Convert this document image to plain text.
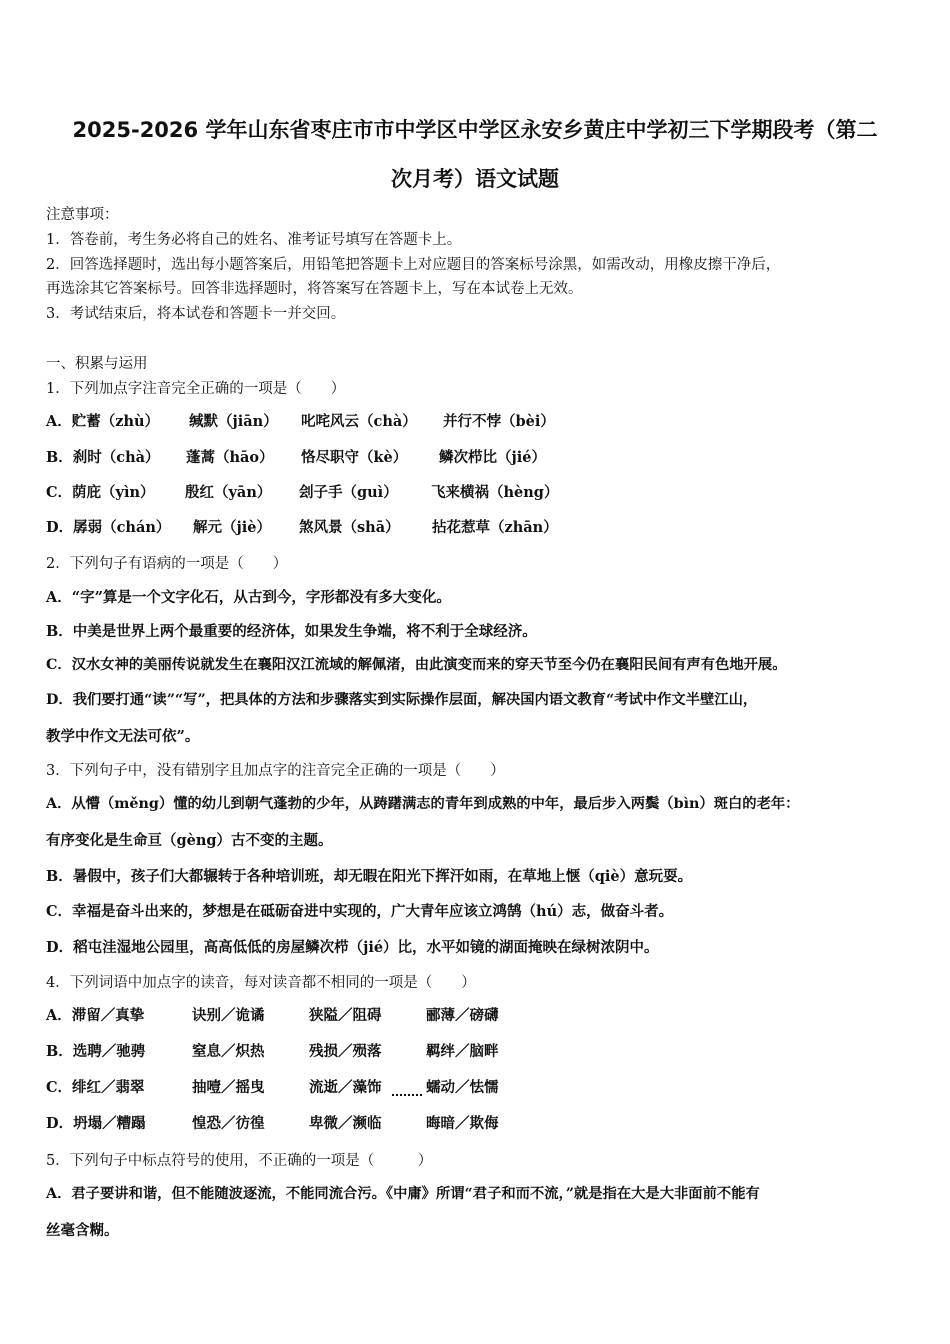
2025-2026 学年山东省枣庄市市中学区中学区永安乡黄庄中学初三下学期段考（第二
次月考）语文试题
注意事项：
1．答卷前，考生务必将自己的姓名、准考证号填写在答题卡上。
2．回答选择题时，选出每小题答案后，用铅笔把答题卡上对应题目的答案标号涂黑，如需改动，用橡皮擦干净后，
再选涂其它答案标号。回答非选择题时，将答案写在答题卡上，写在本试卷上无效。
3．考试结束后，将本试卷和答题卡一并交回。
一、积累与运用
1．下列加点字注音完全正确的一项是（　　）
A．贮蓄（zhù） 缄默（jiān） 叱咤风云（chà） 并行不悖（bèi）
B．刹时（chà） 蓬蒿（hāo） 恪尽职守（kè） 鳞次栉比（jié）
C．荫庇（yìn） 殷红（yān） 刽子手（guì） 飞来横祸（hèng）
D．孱弱（chán） 解元（jiè） 煞风景（shā） 拈花惹草（zhān）
2．下列句子有语病的一项是（　　）
A．“字”算是一个文字化石，从古到今，字形都没有多大变化。
B．中美是世界上两个最重要的经济体，如果发生争端，将不利于全球经济。
C．汉水女神的美丽传说就发生在襄阳汉江流域的解佩渚，由此演变而来的穿天节至今仍在襄阳民间有声有色地开展。
D．我们要打通“读”“写”，把具体的方法和步骤落实到实际操作层面，解决国内语文教育“考试中作文半壁江山，
教学中作文无法可依”。
3．下列句子中，没有错别字且加点字的注音完全正确的一项是（　　）
A．从懵（měng）懂的幼儿到朝气蓬勃的少年，从踌躇满志的青年到成熟的中年，最后步入两鬓（bìn）斑白的老年：
有序变化是生命亘（gèng）古不变的主题。
B．暑假中，孩子们大都辗转于各种培训班，却无暇在阳光下挥汗如雨，在草地上惬（qiè）意玩耍。
C．幸福是奋斗出来的，梦想是在砥砺奋进中实现的，广大青年应该立鸿鹄（hú）志，做奋斗者。
D．稻屯洼湿地公园里，高高低低的房屋鳞次栉（jié）比，水平如镜的湖面掩映在绿树浓阴中。
4．下列词语中加点字的读音，每对读音都不相同的一项是（　　）
A．滞留／真挚	诀别／诡谲	狭隘／阻碍	郦薄／磅礴
B．选聘／驰骋	窒息／炽热	残损／殒落	羁绊／脑畔
C．绯红／翡翠	抽噎／摇曳	流逝／藻饰	蠕动／怯懦
D．坍塌／糟蹋	惶恐／彷徨	卑微／濒临	晦暗／欺侮
5．下列句子中标点符号的使用，不正确的一项是（　　　）
A．君子要讲和谐，但不能随波逐流，不能同流合污。《中庸》所谓“君子和而不流，”就是指在大是大非面前不能有
丝毫含糊。
